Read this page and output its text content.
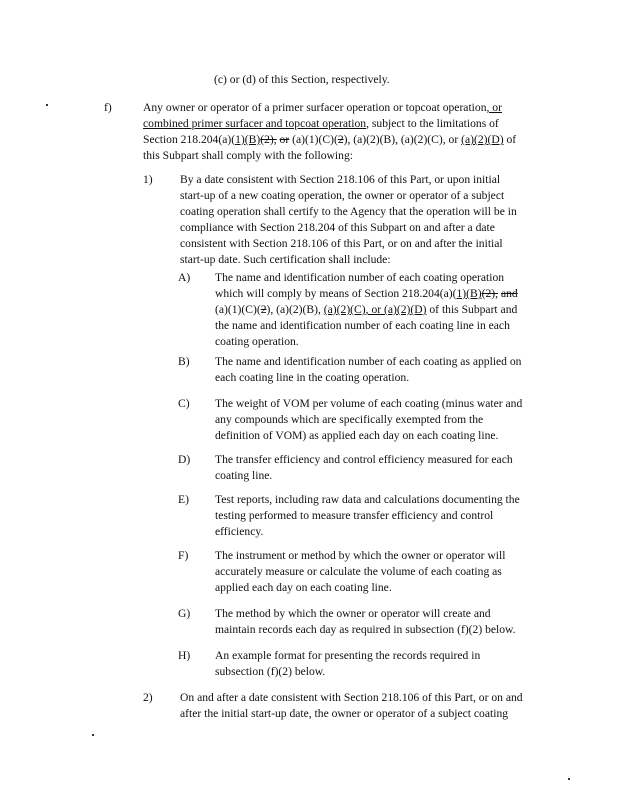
(c) or (d) of this Section, respectively.
f)	Any owner or operator of a primer surfacer operation or topcoat operation, or
combined primer surfacer and topcoat operation, subject to the limitations of
Section 218.204(a)(1)(B)(2), or (a)(1)(C)(2), (a)(2)(B), (a)(2)(C), or (a)(2)(D) of
this Subpart shall comply with the following:
1) By a date consistent with Section 218.106 of this Part, or upon initial
start-up of a new coating operation, the owner or operator of a subject
coating operation shall certify to the Agency that the operation will be in
compliance with Section 218.204 of this Subpart on and after a date
consistent with Section 218.106 of this Part, or on and after the initial
start-up date. Such certification shall include:
A) The name and identification number of each coating operation
which will comply by means of Section 218.204(a)(1)(B)(2), and
(a)(1)(C)(2), (a)(2)(B), (a)(2)(C), or (a)(2)(D) of this Subpart and
the name and identification number of each coating line in each
coating operation.
B) The name and identification number of each coating as applied on
each coating line in the coating operation.
C) The weight of VOM per volume of each coating (minus water and
any compounds which are specifically exempted from the
definition of VOM) as applied each day on each coating line.
D) The transfer efficiency and control efficiency measured for each
coating line.
E) Test reports, including raw data and calculations documenting the
testing performed to measure transfer efficiency and control
efficiency.
F) The instrument or method by which the owner or operator will
accurately measure or calculate the volume of each coating as
applied each day on each coating line.
G) The method by which the owner or operator will create and
maintain records each day as required in subsection (f)(2) below.
H) An example format for presenting the records required in
subsection (f)(2) below.
2) On and after a date consistent with Section 218.106 of this Part, or on and
after the initial start-up date, the owner or operator of a subject coating
